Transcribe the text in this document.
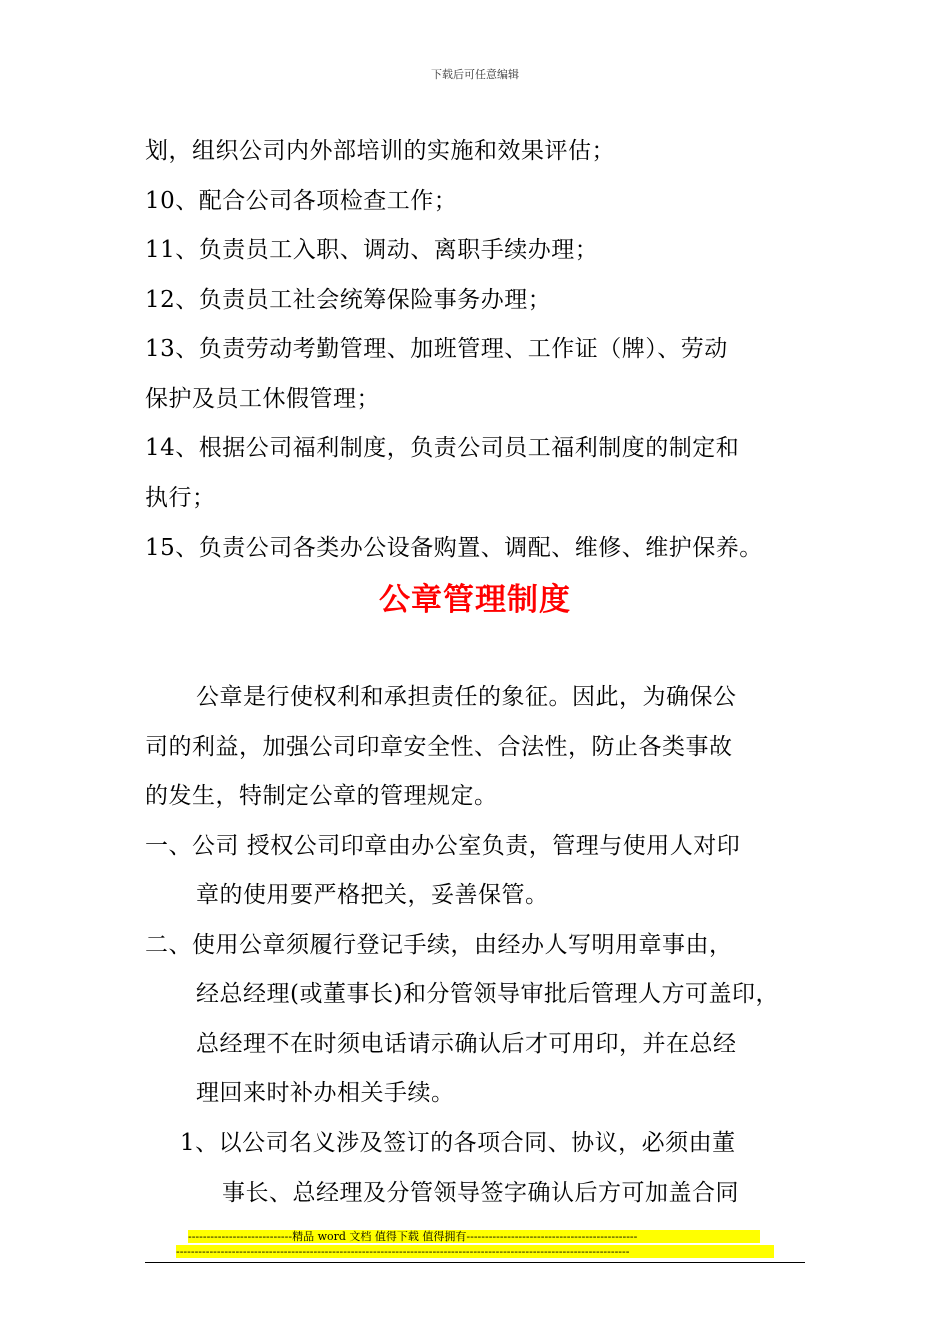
下载后可任意编辑
划，组织公司内外部培训的实施和效果评估；
10、配合公司各项检查工作；
11、负责员工入职、调动、离职手续办理；
12、负责员工社会统筹保险事务办理；
13、负责劳动考勤管理、加班管理、工作证（牌）、劳动
保护及员工休假管理；
14、根据公司福利制度，负责公司员工福利制度的制定和
执行；
15、负责公司各类办公设备购置、调配、维修、维护保养。
公章管理制度
公章是行使权利和承担责任的象征。因此，为确保公
司的利益，加强公司印章安全性、合法性，防止各类事故
的发生，特制定公章的管理规定。
一、公司 授权公司印章由办公室负责，管理与使用人对印
章的使用要严格把关，妥善保管。
二、使用公章须履行登记手续，由经办人写明用章事由，
经总经理(或董事长)和分管领导审批后管理人方可盖印，
总经理不在时须电话请示确认后才可用印，并在总经
理回来时补办相关手续。
1、以公司名义涉及签订的各项合同、协议，必须由董
事长、总经理及分管领导签字确认后方可加盖合同
----------------------------精品 word 文档 值得下载 值得拥有----------------------------------------------
--------------------------------------------------------------------------------------------------------------------------
